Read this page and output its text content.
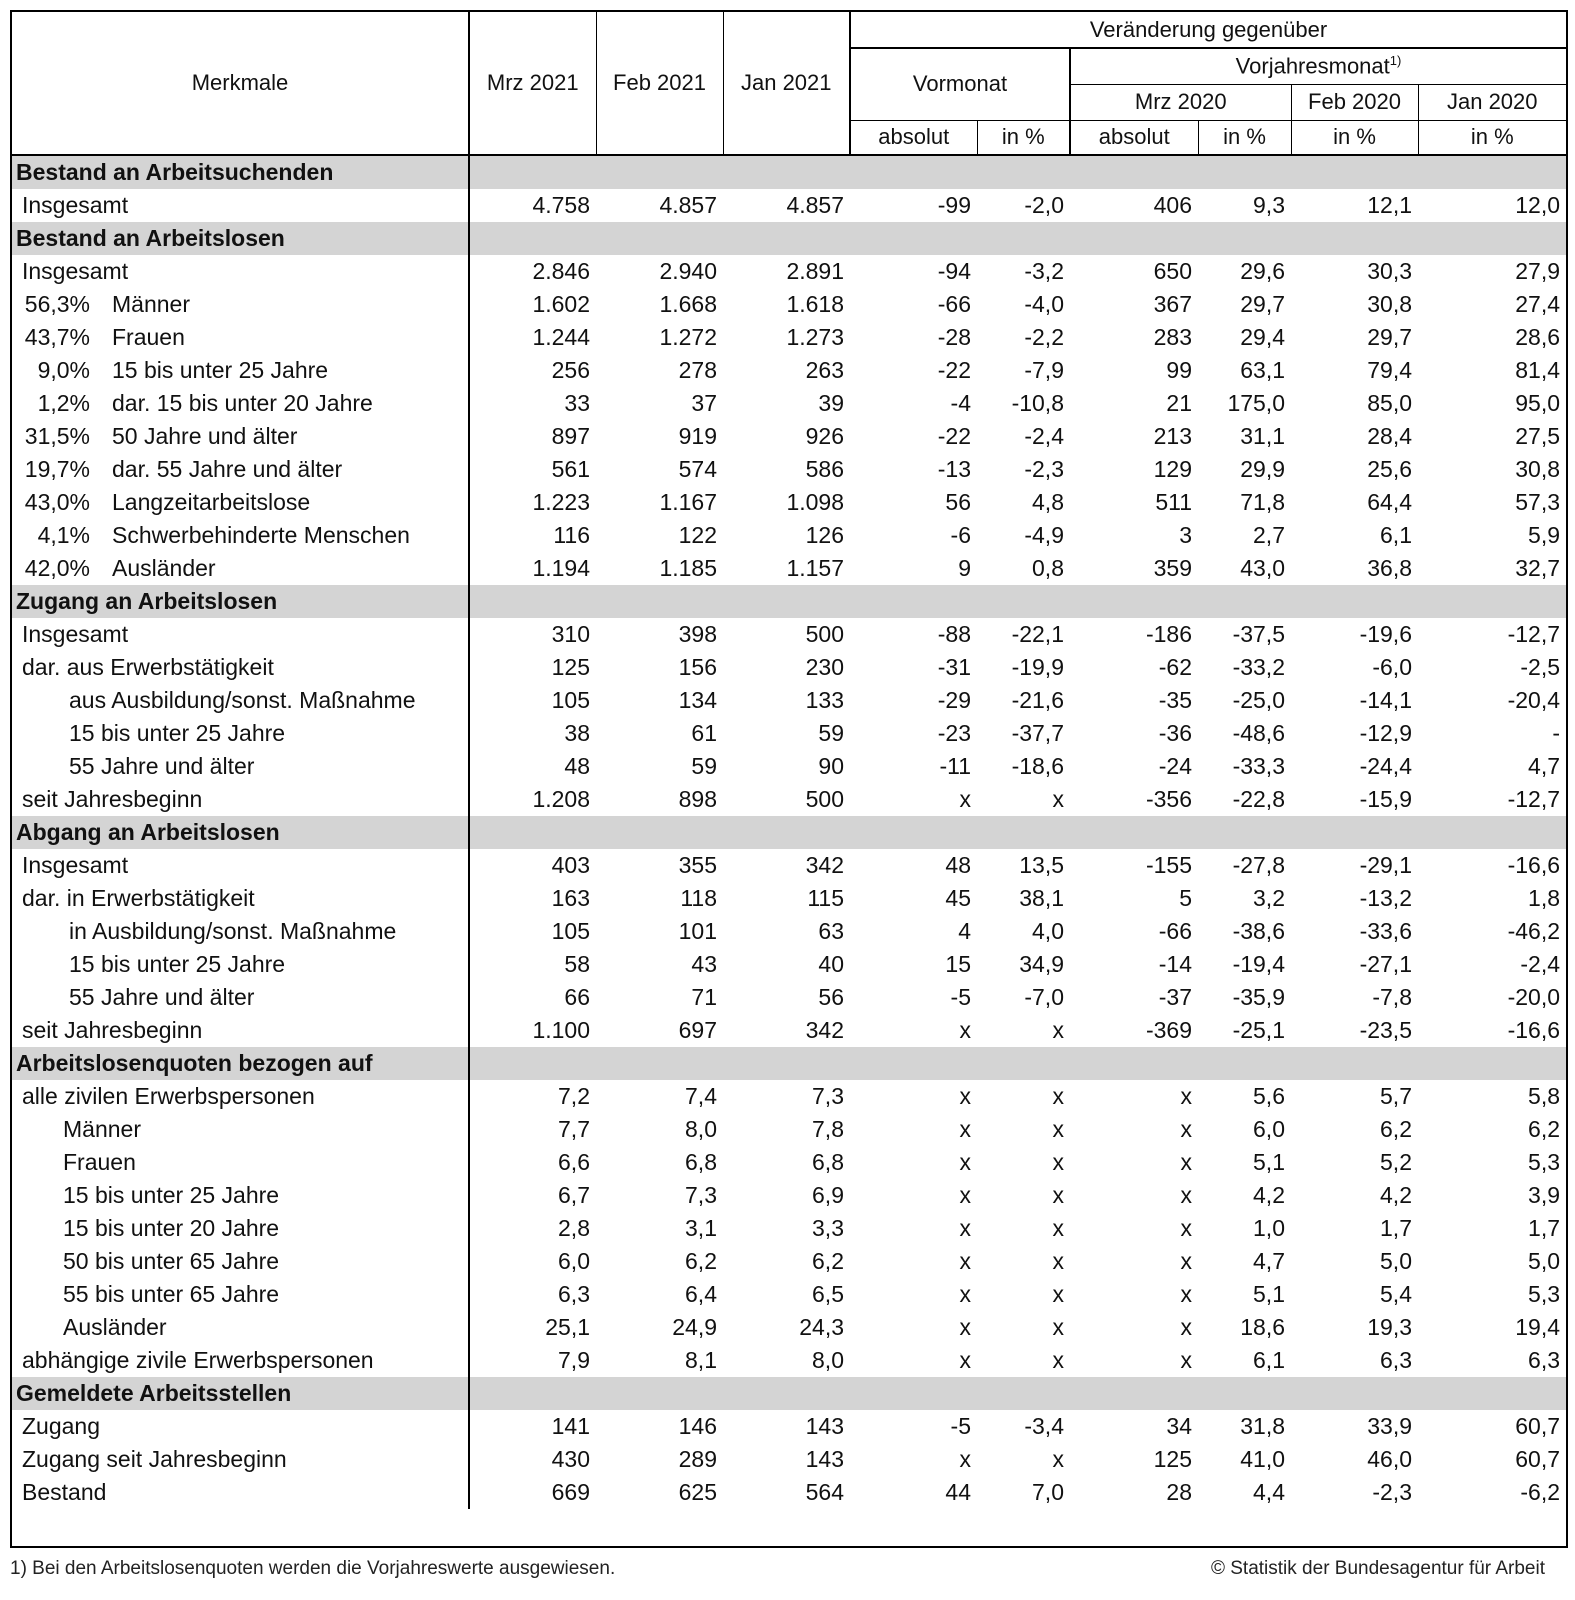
Merkmale	Mrz 2021	Feb 2021	Jan 2021	Veränderung gegenüber					
				Vormonat		Vorjahresmonat$^{1)}$
						Mrz 2020		Feb 2020	Jan 2020
				absolut	in %	absolut	in %	in %	in %
Bestand an Arbeitsuchenden									
Insgesamt	4.758	4.857	4.857	-99	-2,0	406	9,3	12,1	12,0
Bestand an Arbeitslosen									
Insgesamt	2.846	2.940	2.891	-94	-3,2	650	29,6	30,3	27,9
56,3% Männer	1.602	1.668	1.618	-66	-4,0	367	29,7	30,8	27,4
43,7% Frauen	1.244	1.272	1.273	-28	-2,2	283	29,4	29,7	28,6
9,0% 15 bis unter 25 Jahre	256	278	263	-22	-7,9	99	63,1	79,4	81,4
1,2% dar. 15 bis unter 20 Jahre	33	37	39	-4	-10,8	21	175,0	85,0	95,0
31,5% 50 Jahre und älter	897	919	926	-22	-2,4	213	31,1	28,4	27,5
19,7% dar. 55 Jahre und älter	561	574	586	-13	-2,3	129	29,9	25,6	30,8
43,0% Langzeitarbeitslose	1.223	1.167	1.098	56	4,8	511	71,8	64,4	57,3
4,1% Schwerbehinderte Menschen	116	122	126	-6	-4,9	3	2,7	6,1	5,9
42,0% Ausländer	1.194	1.185	1.157	9	0,8	359	43,0	36,8	32,7
Zugang an Arbeitslosen									
Insgesamt	310	398	500	-88	-22,1	-186	-37,5	-19,6	-12,7
dar. aus Erwerbstätigkeit	125	156	230	-31	-19,9	-62	-33,2	-6,0	-2,5
aus Ausbildung/sonst. Maßnahme	105	134	133	-29	-21,6	-35	-25,0	-14,1	-20,4
15 bis unter 25 Jahre	38	61	59	-23	-37,7	-36	-48,6	-12,9	-
55 Jahre und älter	48	59	90	-11	-18,6	-24	-33,3	-24,4	4,7
seit Jahresbeginn	1.208	898	500	x	x	-356	-22,8	-15,9	-12,7
Abgang an Arbeitslosen									
Insgesamt	403	355	342	48	13,5	-155	-27,8	-29,1	-16,6
dar. in Erwerbstätigkeit	163	118	115	45	38,1	5	3,2	-13,2	1,8
in Ausbildung/sonst. Maßnahme	105	101	63	4	4,0	-66	-38,6	-33,6	-46,2
15 bis unter 25 Jahre	58	43	40	15	34,9	-14	-19,4	-27,1	-2,4
55 Jahre und älter	66	71	56	-5	-7,0	-37	-35,9	-7,8	-20,0
seit Jahresbeginn	1.100	697	342	x	x	-369	-25,1	-23,5	-16,6
Arbeitslosenquoten bezogen auf									
alle zivilen Erwerbspersonen	7,2	7,4	7,3	x	x	x	5,6	5,7	5,8
Männer	7,7	8,0	7,8	x	x	x	6,0	6,2	6,2
Frauen	6,6	6,8	6,8	x	x	x	5,1	5,2	5,3
15 bis unter 25 Jahre	6,7	7,3	6,9	x	x	x	4,2	4,2	3,9
15 bis unter 20 Jahre	2,8	3,1	3,3	x	x	x	1,0	1,7	1,7
50 bis unter 65 Jahre	6,0	6,2	6,2	x	x	x	4,7	5,0	5,0
55 bis unter 65 Jahre	6,3	6,4	6,5	x	x	x	5,1	5,4	5,3
Ausländer	25,1	24,9	24,3	x	x	x	18,6	19,3	19,4
abhängige zivile Erwerbspersonen	7,9	8,1	8,0	x	x	x	6,1	6,3	6,3
Gemeldete Arbeitsstellen									
Zugang	141	146	143	-5	-3,4	34	31,8	33,9	60,7
Zugang seit Jahresbeginn	430	289	143	x	x	125	41,0	46,0	60,7
Bestand	669	625	564	44	7,0	28	4,4	-2,3	-6,2
1) Bei den Arbeitslosenquoten werden die Vorjahreswerte ausgewiesen.	© Statistik der Bundesagentur für Arbeit
